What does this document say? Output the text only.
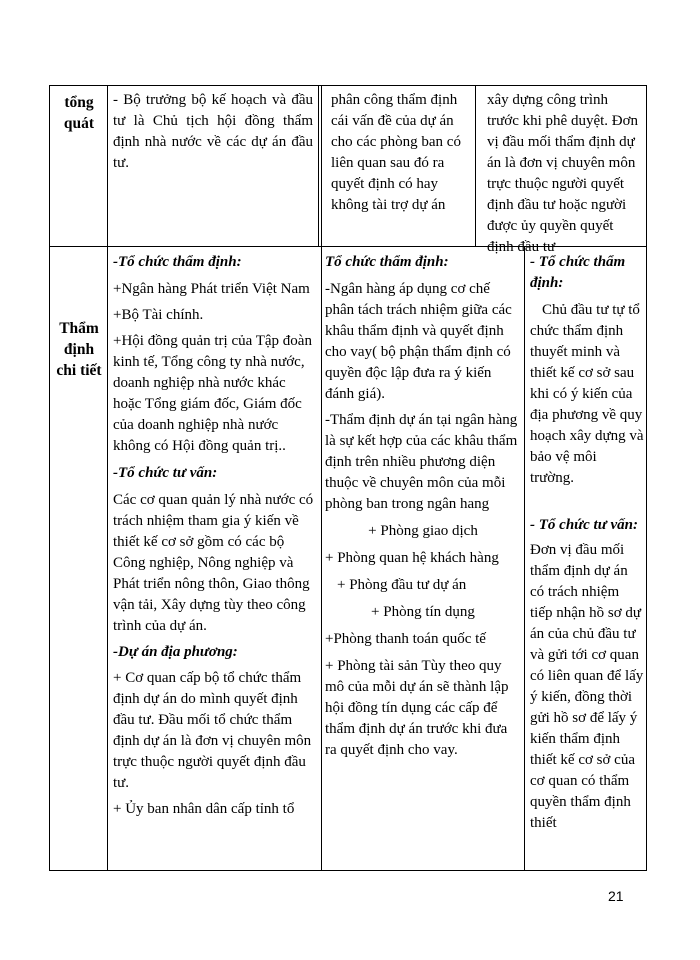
tổng quát
- Bộ trưởng bộ kế hoạch và đầu tư là Chủ tịch hội đồng thẩm định nhà nước về các dự án đầu tư.
phân công thẩm định cái vấn đề của dự án cho các phòng ban có liên quan sau đó ra quyết định có hay không tài trợ dự án
xây dựng công trình trước khi phê duyệt. Đơn vị đầu mối thẩm định dự án là đơn vị chuyên môn trực thuộc người quyết định đầu tư hoặc người được ủy quyền quyết định đầu tư
Thẩm định chi tiết

-Tổ chức thẩm định:

+Ngân hàng Phát triển Việt Nam

+Bộ Tài chính.

+Hội đồng quản trị của Tập đoàn kinh tế, Tổng công ty nhà nước, doanh nghiệp nhà nước khác hoặc Tổng giám đốc, Giám đốc của doanh nghiệp nhà nước không có Hội đồng quản trị..

-Tổ chức tư vấn:

Các cơ quan quản lý nhà nước có trách nhiệm tham gia ý kiến về thiết kế cơ sở gồm có các bộ Công nghiệp, Nông nghiệp và Phát triển nông thôn, Giao thông vận tải, Xây dựng tùy theo công trình của dự án.

-Dự án địa phương:

+ Cơ quan cấp bộ tổ chức thẩm định dự án do mình quyết định đầu tư. Đầu mối tổ chức thẩm định dự án là đơn vị chuyên môn trực thuộc người quyết định đầu tư.

+ Ủy ban nhân dân cấp tỉnh tổ

Tổ chức thẩm định:

-Ngân hàng áp dụng cơ chế phân tách trách nhiệm giữa các khâu thẩm định và quyết định cho vay( bộ phận thẩm định có quyền độc lập đưa ra ý kiến đánh giá).

-Thẩm định dự án tại ngân hàng là sự kết hợp của các khâu thẩm định trên nhiều phương diện thuộc về chuyên môn của mỗi phòng ban trong ngân hang

+ Phòng giao dịch

+ Phòng quan hệ khách hàng

+ Phòng đầu tư dự án

+ Phòng tín dụng

+Phòng thanh toán quốc tế

+ Phòng tài sản Tùy theo quy mô của mỗi dự án sẽ thành lập hội đồng tín dụng các cấp để thẩm định dự án trước khi đưa ra quyết định cho vay.

- Tổ chức thẩm định:

Chủ đầu tư tự tổ chức thẩm định thuyết minh và thiết kế cơ sở sau khi có ý kiến của địa phương về quy hoạch xây dựng và bảo vệ môi trường.

- Tổ chức tư vấn:

Đơn vị đầu mối thẩm định dự án có trách nhiệm tiếp nhận hồ sơ dự án của chủ đầu tư và gửi tới cơ quan có liên quan để lấy ý kiến, đồng thời gửi hồ sơ để lấy ý kiến thẩm định thiết kế cơ sở của cơ quan có thẩm quyền thẩm định thiết

21
